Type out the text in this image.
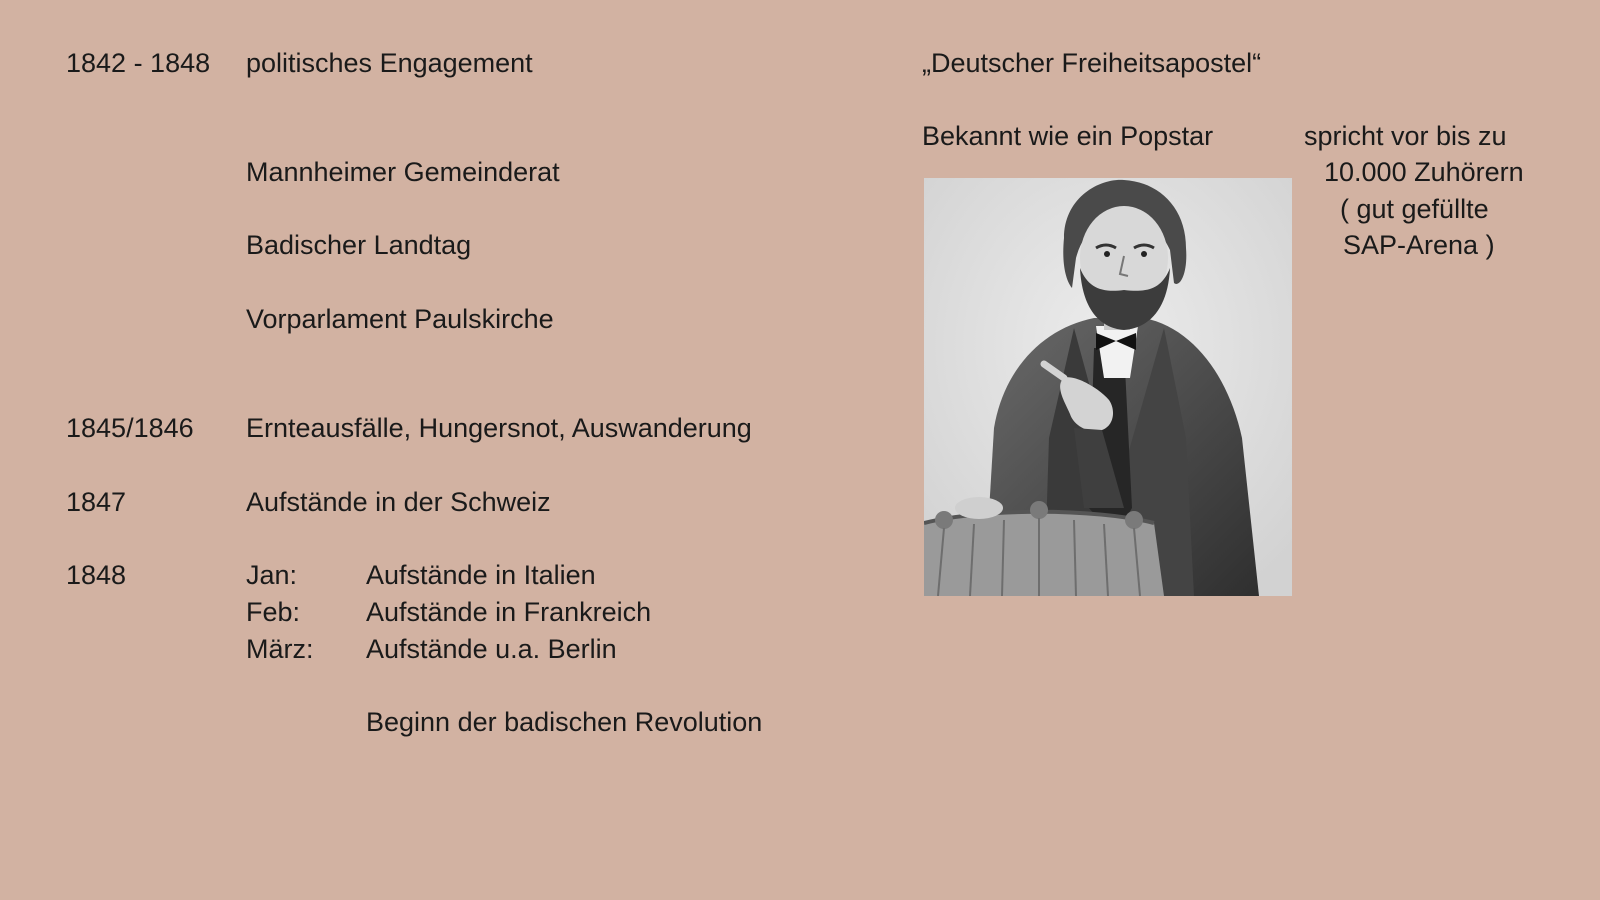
1842 - 1848 politisches Engagement
Mannheimer Gemeinderat
Badischer Landtag
Vorparlament Paulskirche
1845/1846 Ernteausfälle, Hungersnot, Auswanderung
1847	Aufstände in der Schweiz
1848	Jan:	Aufstände in Italien
Feb: Aufstände in Frankreich
März: Aufstände u.a. Berlin
Beginn der badischen Revolution
„Deutscher Freiheitsapostel“
Bekannt wie ein Popstar	spricht vor bis zu
10.000 Zuhörern
( gut gefüllte
SAP-Arena )
